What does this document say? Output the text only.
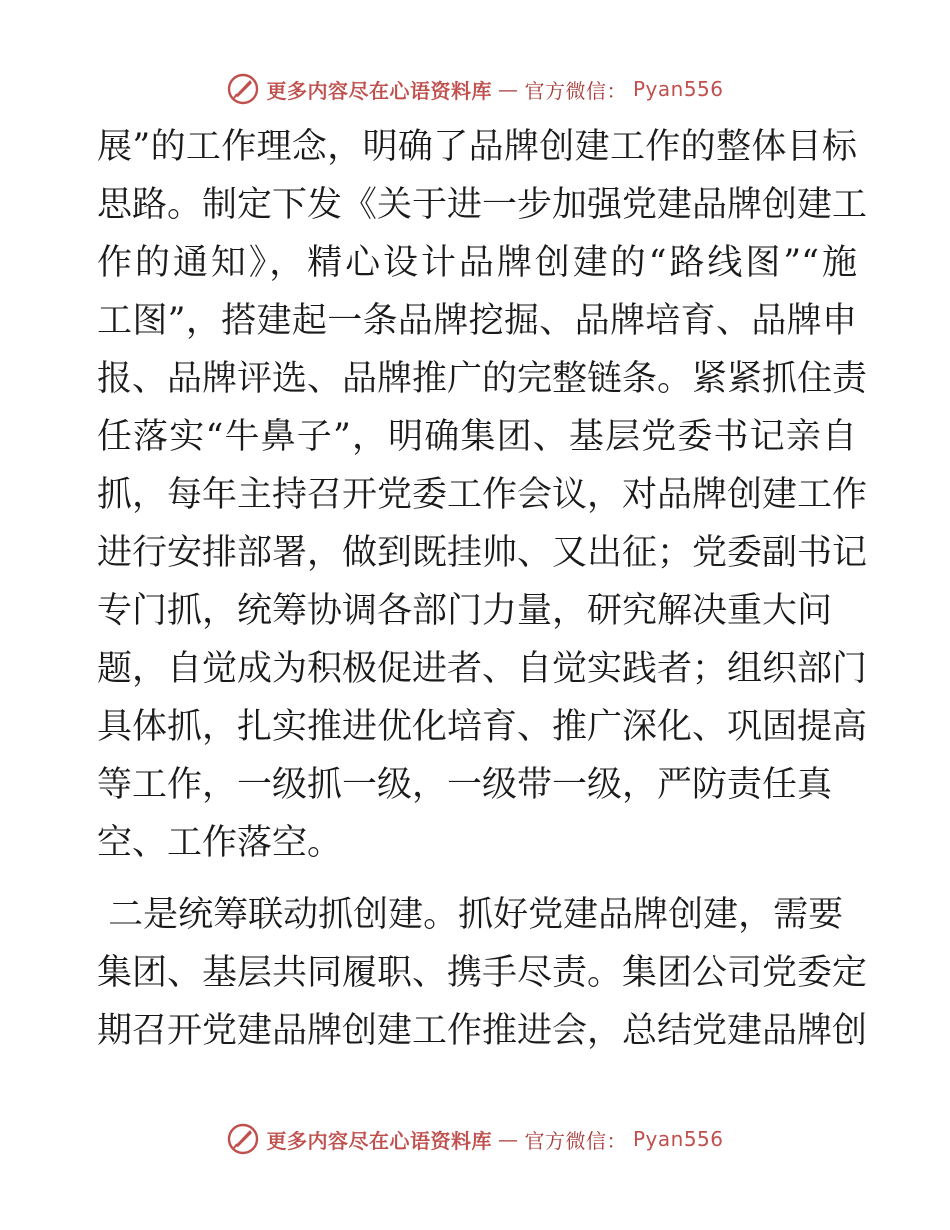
更多内容尽在心语资料库 — 官方微信： Pyan556
展”的工作理念，明确了品牌创建工作的整体目标
思路。制定下发《关于进一步加强党建品牌创建工
作的通知》，精心设计品牌创建的“路线图”“施
工图”，搭建起一条品牌挖掘、品牌培育、品牌申
报、品牌评选、品牌推广的完整链条。紧紧抓住责
任落实“牛鼻子”，明确集团、基层党委书记亲自
抓，每年主持召开党委工作会议，对品牌创建工作
进行安排部署，做到既挂帅、又出征；党委副书记
专门抓，统筹协调各部门力量，研究解决重大问
题，自觉成为积极促进者、自觉实践者；组织部门
具体抓，扎实推进优化培育、推广深化、巩固提高
等工作，一级抓一级，一级带一级，严防责任真
空、工作落空。
二是统筹联动抓创建。抓好党建品牌创建，需要
集团、基层共同履职、携手尽责。集团公司党委定
期召开党建品牌创建工作推进会，总结党建品牌创
更多内容尽在心语资料库 — 官方微信： Pyan556
